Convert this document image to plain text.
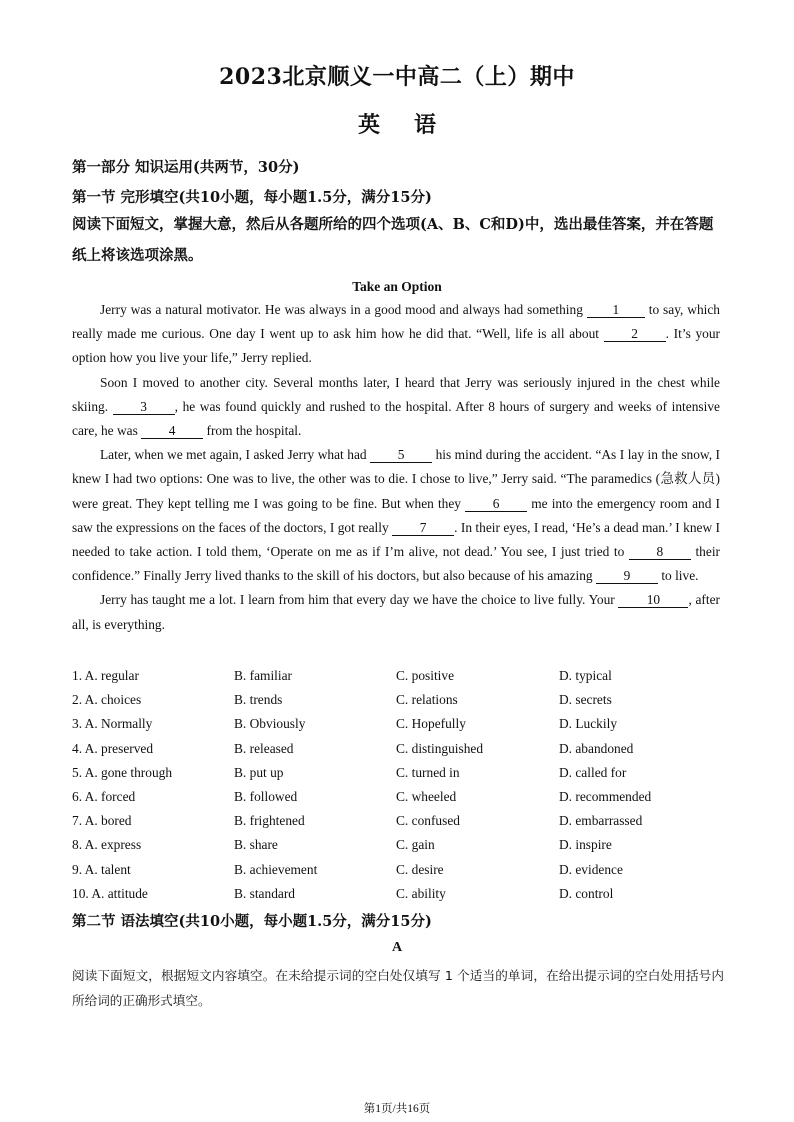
2023北京顺义一中高二（上）期中
英 语
第一部分 知识运用(共两节，30分)
第一节 完形填空(共10小题，每小题1.5分，满分15分)
阅读下面短文，掌握大意，然后从各题所给的四个选项(A、B、C和D)中，选出最佳答案，并在答题纸上将该选项涂黑。
Take an Option

Jerry was a natural motivator. He was always in a good mood and always had something 1 to say, which really made me curious. One day I went up to ask him how he did that. “Well, life is all about 2 . It’s your option how you live your life,” Jerry replied.

Soon I moved to another city. Several months later, I heard that Jerry was seriously injured in the chest while skiing. 3 , he was found quickly and rushed to the hospital. After 8 hours of surgery and weeks of intensive care, he was 4 from the hospital.

Later, when we met again, I asked Jerry what had 5 his mind during the accident. “As I lay in the snow, I knew I had two options: One was to live, the other was to die. I chose to live,” Jerry said. “The paramedics (急救人员) were great. They kept telling me I was going to be fine. But when they 6 me into the emergency room and I saw the expressions on the faces of the doctors, I got really 7 . In their eyes, I read, ‘He’s a dead man.’ I knew I needed to take action. I told them, ‘Operate on me as if I’m alive, not dead.’ You see, I just tried to 8 their confidence.” Finally Jerry lived thanks to the skill of his doctors, but also because of his amazing 9 to live.

Jerry has taught me a lot. I learn from him that every day we have the choice to live fully. Your 10 , after all, is everything.

1. A. regular	B. familiar	C. positive	D. typical
2. A. choices	B. trends	C. relations	D. secrets
3. A. Normally	B. Obviously	C. Hopefully	D. Luckily
4. A. preserved	B. released	C. distinguished	D. abandoned
5. A. gone through	B. put up	C. turned in	D. called for
6. A. forced	B. followed	C. wheeled	D. recommended
7. A. bored	B. frightened	C. confused	D. embarrassed
8. A. express	B. share	C. gain	D. inspire
9. A. talent	B. achievement	C. desire	D. evidence
10. A. attitude	B. standard	C. ability	D. control
第二节 语法填空(共10小题，每小题1.5分，满分15分)
A
阅读下面短文，根据短文内容填空。在未给提示词的空白处仅填写 1 个适当的单词，在给出提示词的空白处用括号内所给词的正确形式填空。
第1页/共16页
